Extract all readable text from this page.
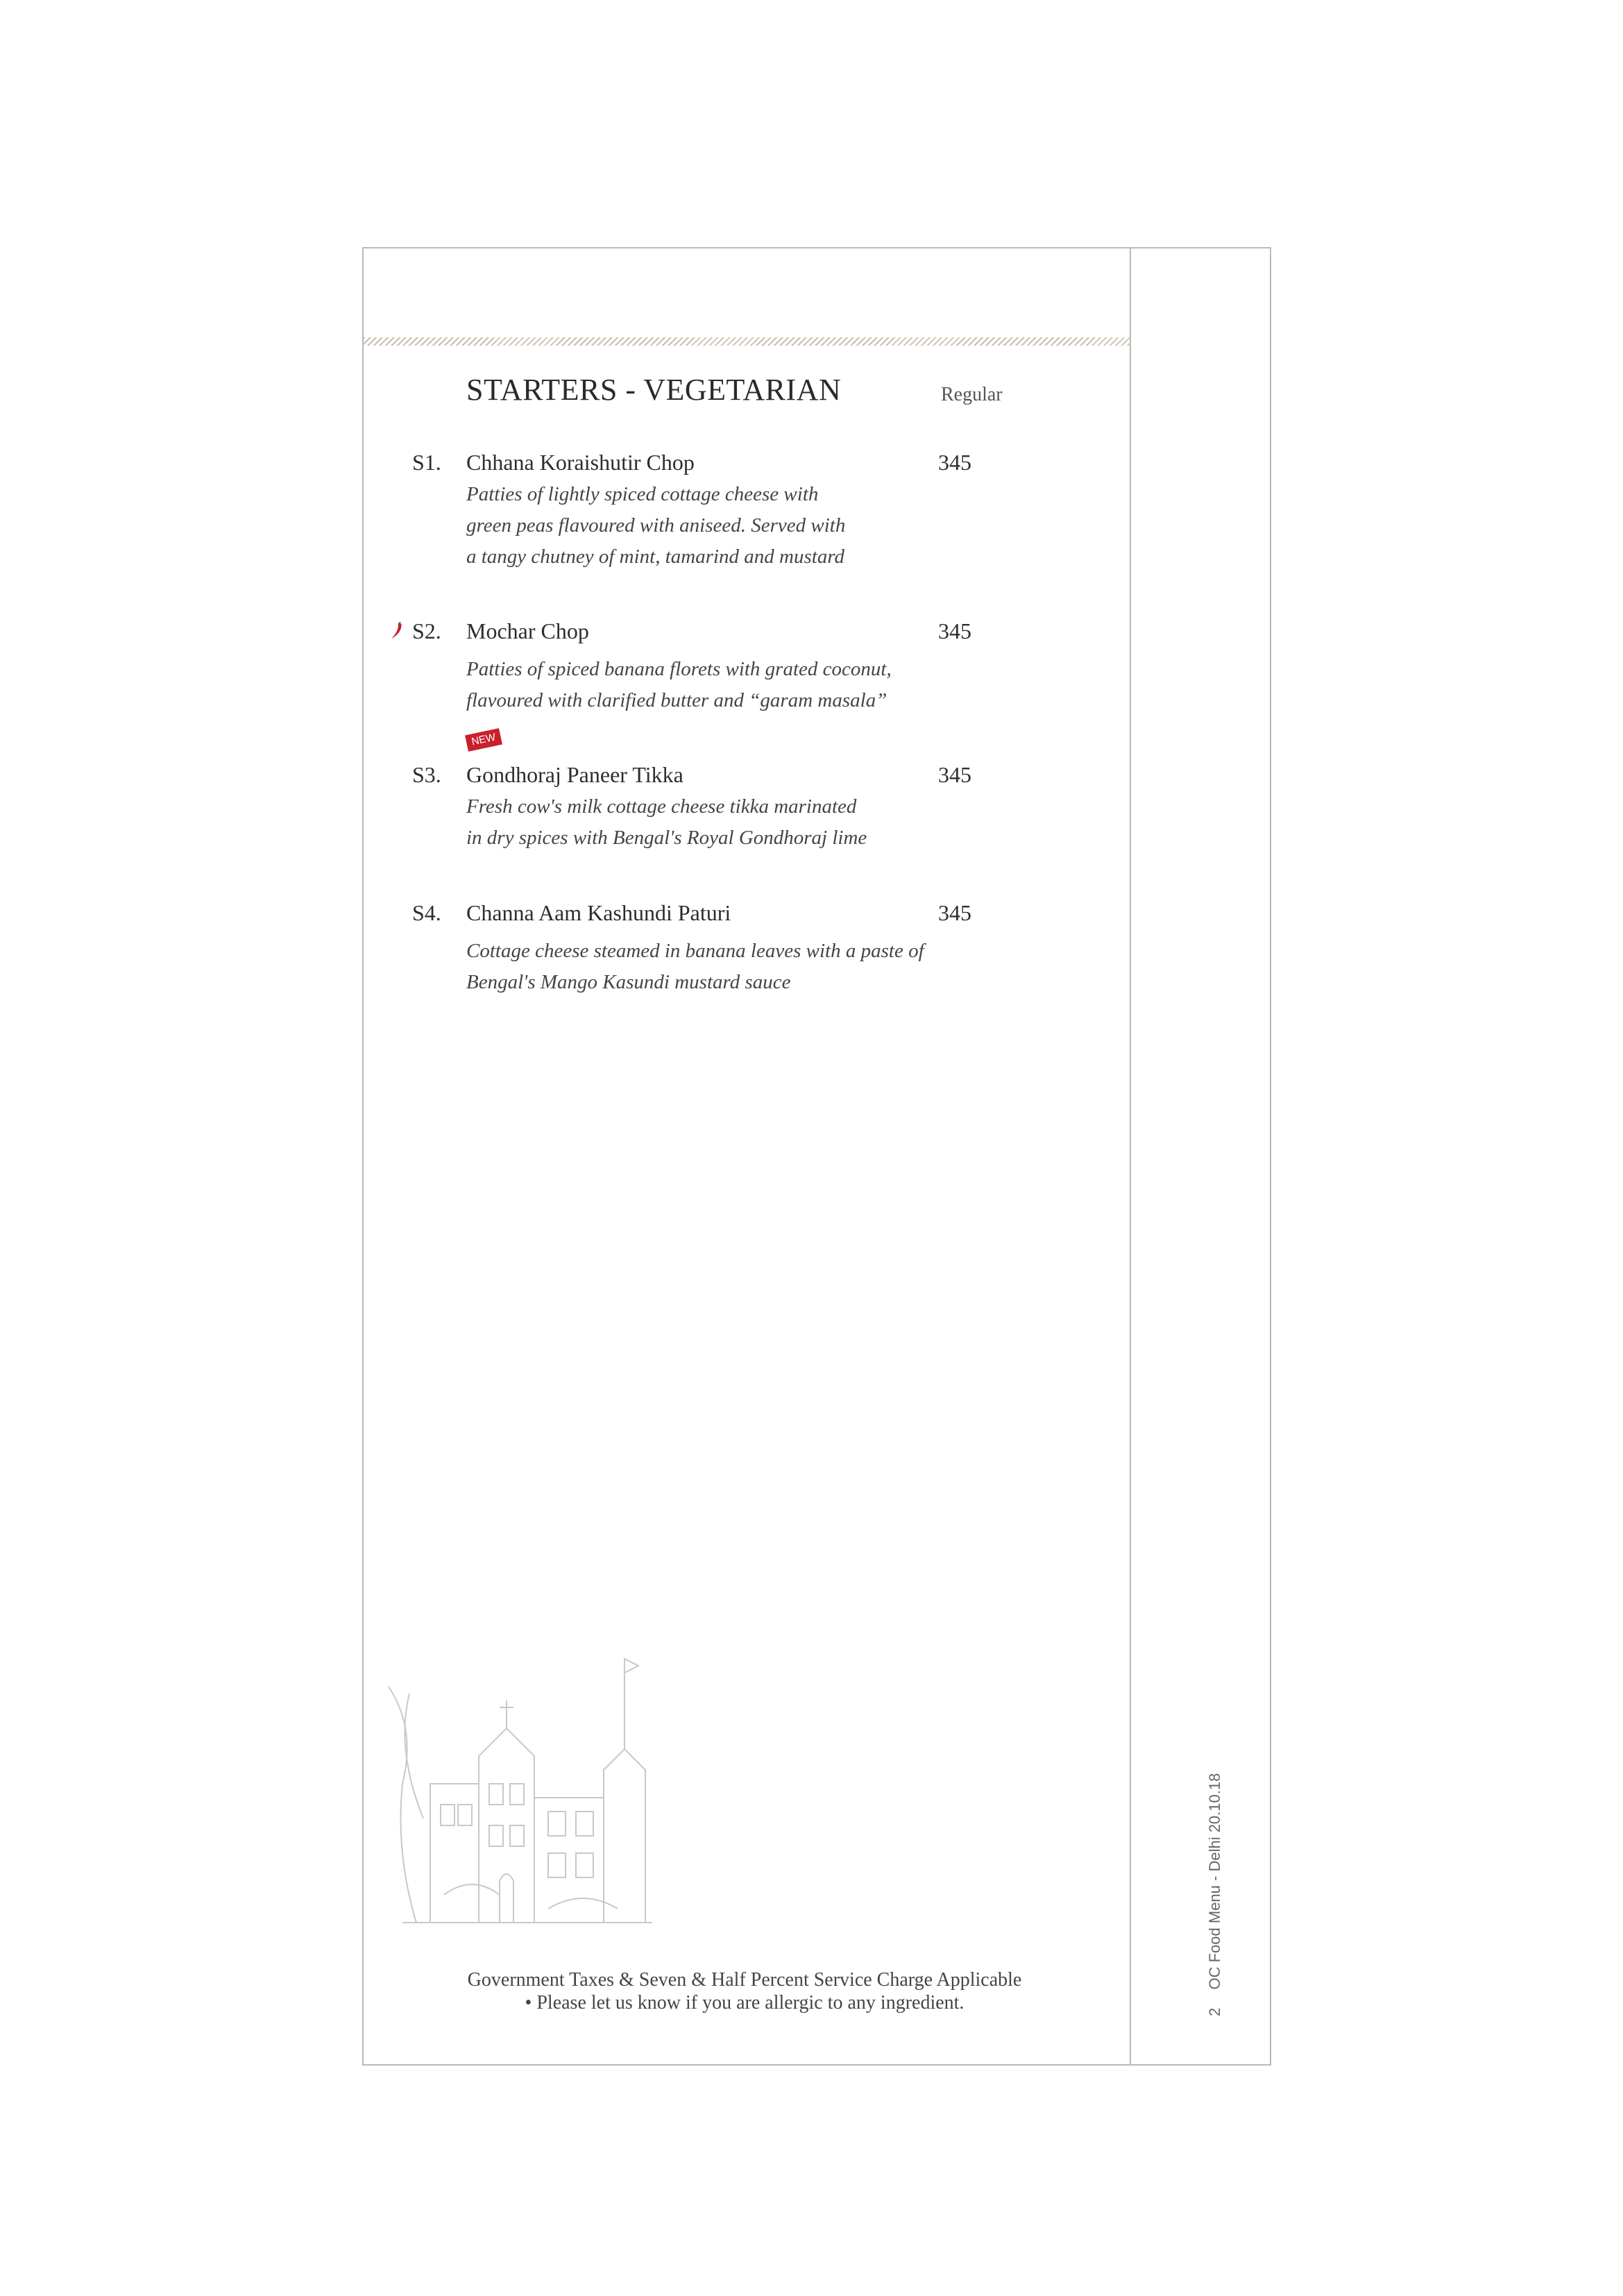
STARTERS - VEGETARIAN	Regular
S1. Chhana Koraishutir Chop	345
Patties of lightly spiced cottage cheese with
green peas flavoured with aniseed. Served with
a tangy chutney of mint, tamarind and mustard
S2. Mochar Chop	345
Patties of spiced banana florets with grated coconut,
flavoured with clarified butter and “garam masala”
NEW
S3. Gondhoraj Paneer Tikka	345
Fresh cow's milk cottage cheese tikka marinated
in dry spices with Bengal's Royal Gondhoraj lime
S4. Channa Aam Kashundi Paturi	345
Cottage cheese steamed in banana leaves with a paste of
Bengal's Mango Kasundi mustard sauce
Government Taxes & Seven & Half Percent Service Charge Applicable
• Please let us know if you are allergic to any ingredient.	2  OC Food Menu - Delhi 20.10.18
